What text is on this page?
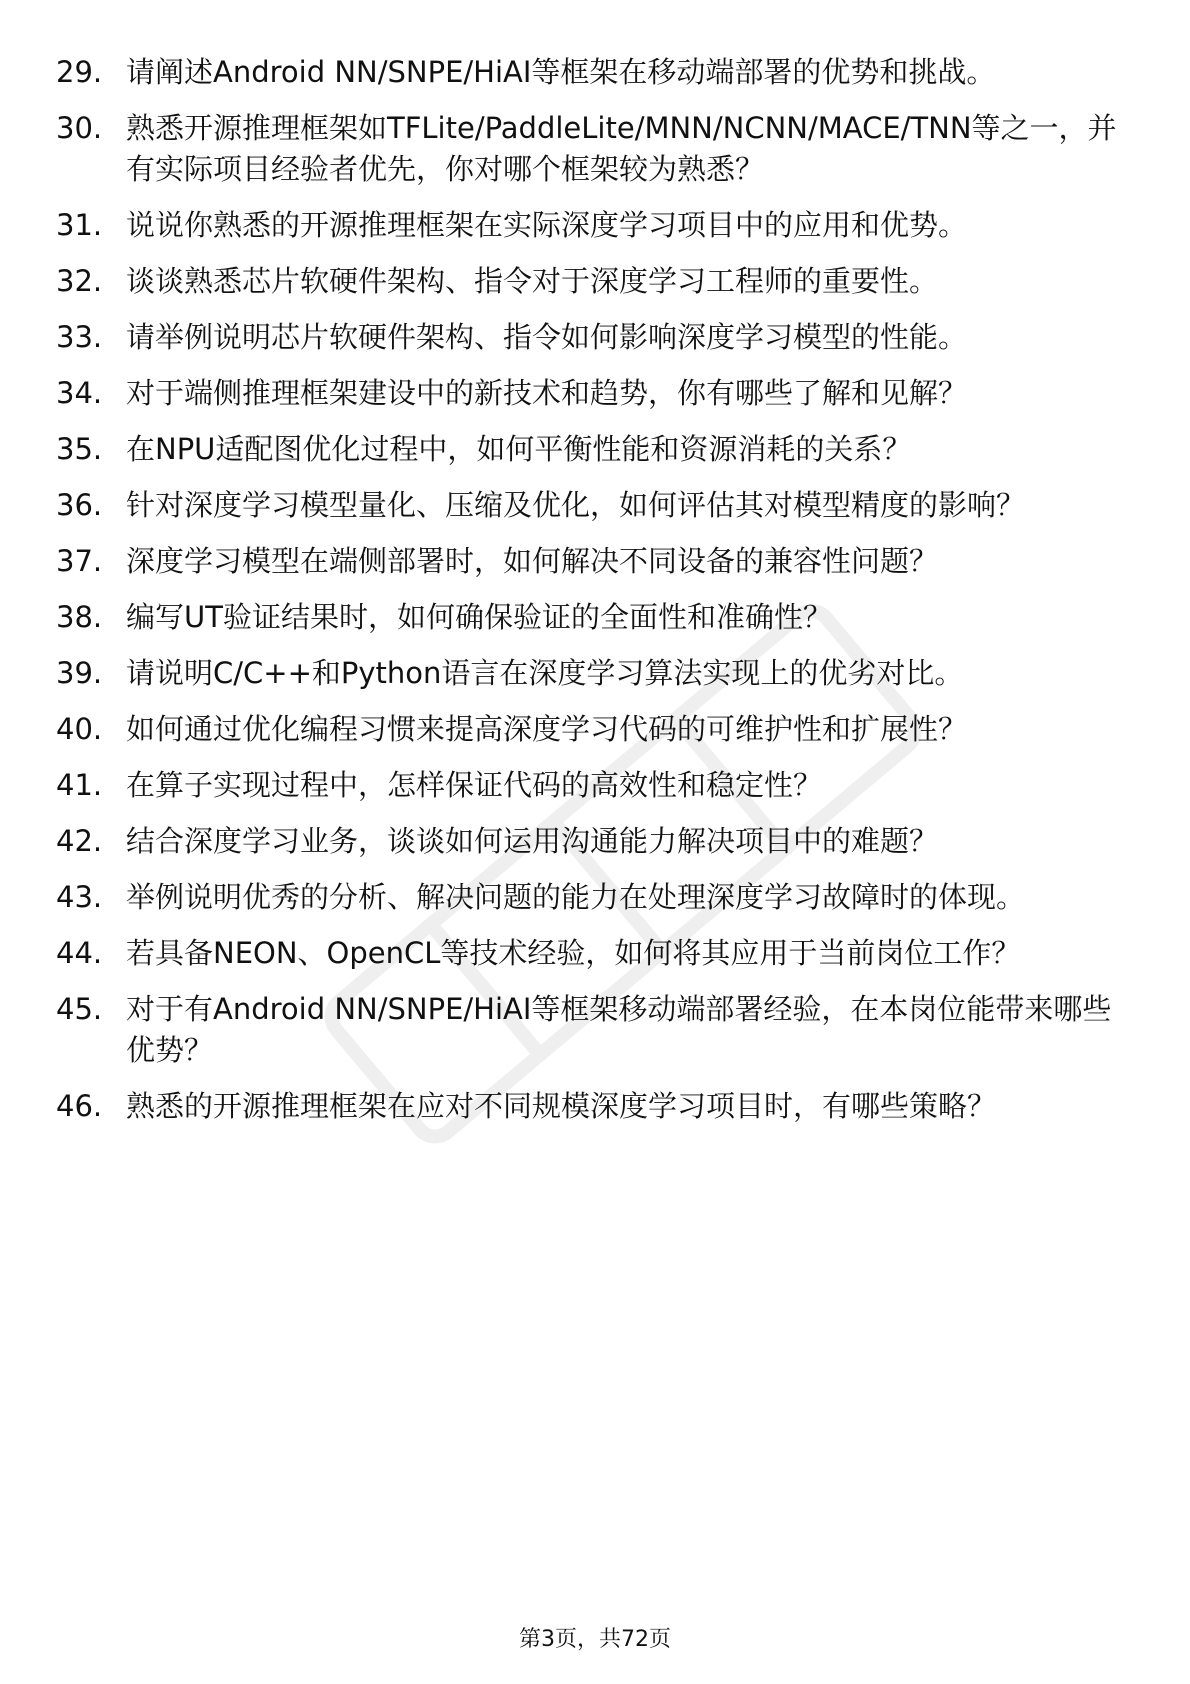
29. 请阐述Android NN/SNPE/HiAI等框架在移动端部署的优势和挑战。
30. 熟悉开源推理框架如TFLite/PaddleLite/MNN/NCNN/MACE/TNN等之一，并有实际项目经验者优先，你对哪个框架较为熟悉？
31. 说说你熟悉的开源推理框架在实际深度学习项目中的应用和优势。
32. 谈谈熟悉芯片软硬件架构、指令对于深度学习工程师的重要性。
33. 请举例说明芯片软硬件架构、指令如何影响深度学习模型的性能。
34. 对于端侧推理框架建设中的新技术和趋势，你有哪些了解和见解？
35. 在NPU适配图优化过程中，如何平衡性能和资源消耗的关系？
36. 针对深度学习模型量化、压缩及优化，如何评估其对模型精度的影响？
37. 深度学习模型在端侧部署时，如何解决不同设备的兼容性问题？
38. 编写UT验证结果时，如何确保验证的全面性和准确性？
39. 请说明C/C++和Python语言在深度学习算法实现上的优劣对比。
40. 如何通过优化编程习惯来提高深度学习代码的可维护性和扩展性？
41. 在算子实现过程中，怎样保证代码的高效性和稳定性？
42. 结合深度学习业务，谈谈如何运用沟通能力解决项目中的难题？
43. 举例说明优秀的分析、解决问题的能力在处理深度学习故障时的体现。
44. 若具备NEON、OpenCL等技术经验，如何将其应用于当前岗位工作？
45. 对于有Android NN/SNPE/HiAI等框架移动端部署经验，在本岗位能带来哪些优势？
46. 熟悉的开源推理框架在应对不同规模深度学习项目时，有哪些策略？
第3页，共72页
